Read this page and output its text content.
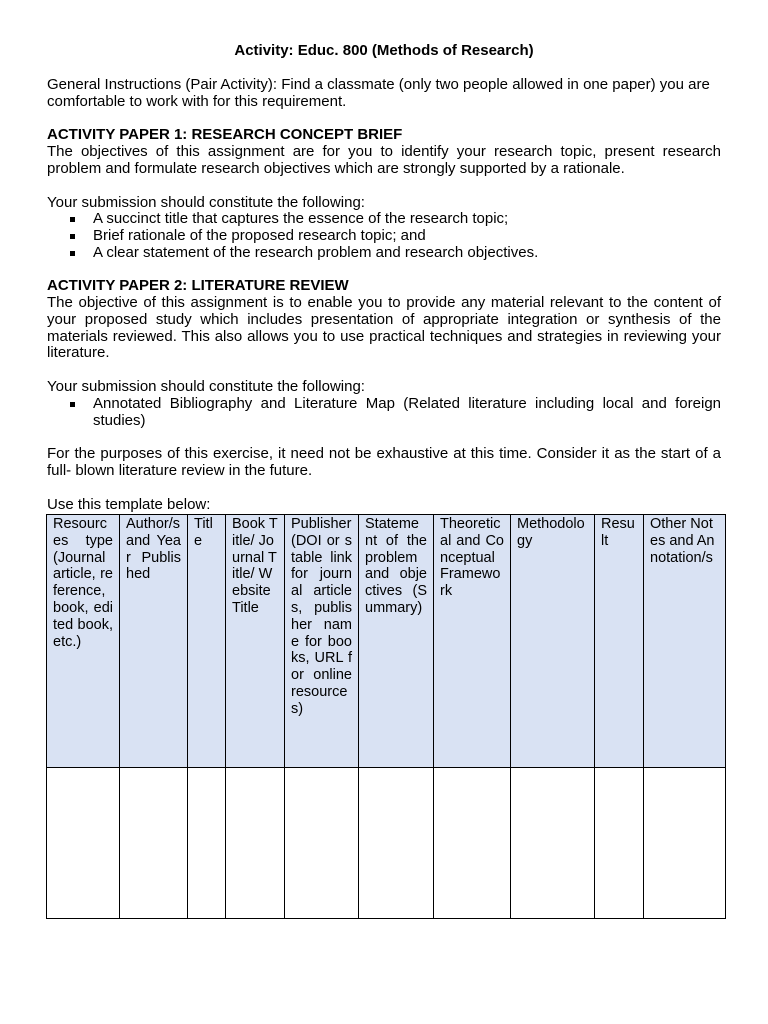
Activity: Educ. 800 (Methods of Research)

General Instructions (Pair Activity): Find a classmate (only two people allowed in one paper) you are comfortable to work with for this requirement.

ACTIVITY PAPER 1: RESEARCH CONCEPT BRIEF

The objectives of this assignment are for you to identify your research topic, present research problem and formulate research objectives which are strongly supported by a rationale.

Your submission should constitute the following:

A succinct title that captures the essence of the research topic;
Brief rationale of the proposed research topic; and
A clear statement of the research problem and research objectives.

ACTIVITY PAPER 2: LITERATURE REVIEW

The objective of this assignment is to enable you to provide any material relevant to the content of your proposed study which includes presentation of appropriate integration or synthesis of the materials reviewed. This also allows you to use practical techniques and strategies in reviewing your literature.

Your submission should constitute the following:

Annotated Bibliography and Literature Map (Related literature including local and foreign studies)

For the purposes of this exercise, it need not be exhaustive at this time. Consider it as the start of a full- blown literature review in the future.

Use this template below:

Resources type (Journal article, reference, book, edited book, etc.)	Author/s and Year Published	Title	Book Title/ Journal Title/ Website Title	Publisher (DOI or stable link for journal articles, publisher name for books, URL for online resources)	Statement of the problem and objectives (Summary)	Theoretical and Conceptual Framework	Methodology	Result	Other Notes and Annotation/s
